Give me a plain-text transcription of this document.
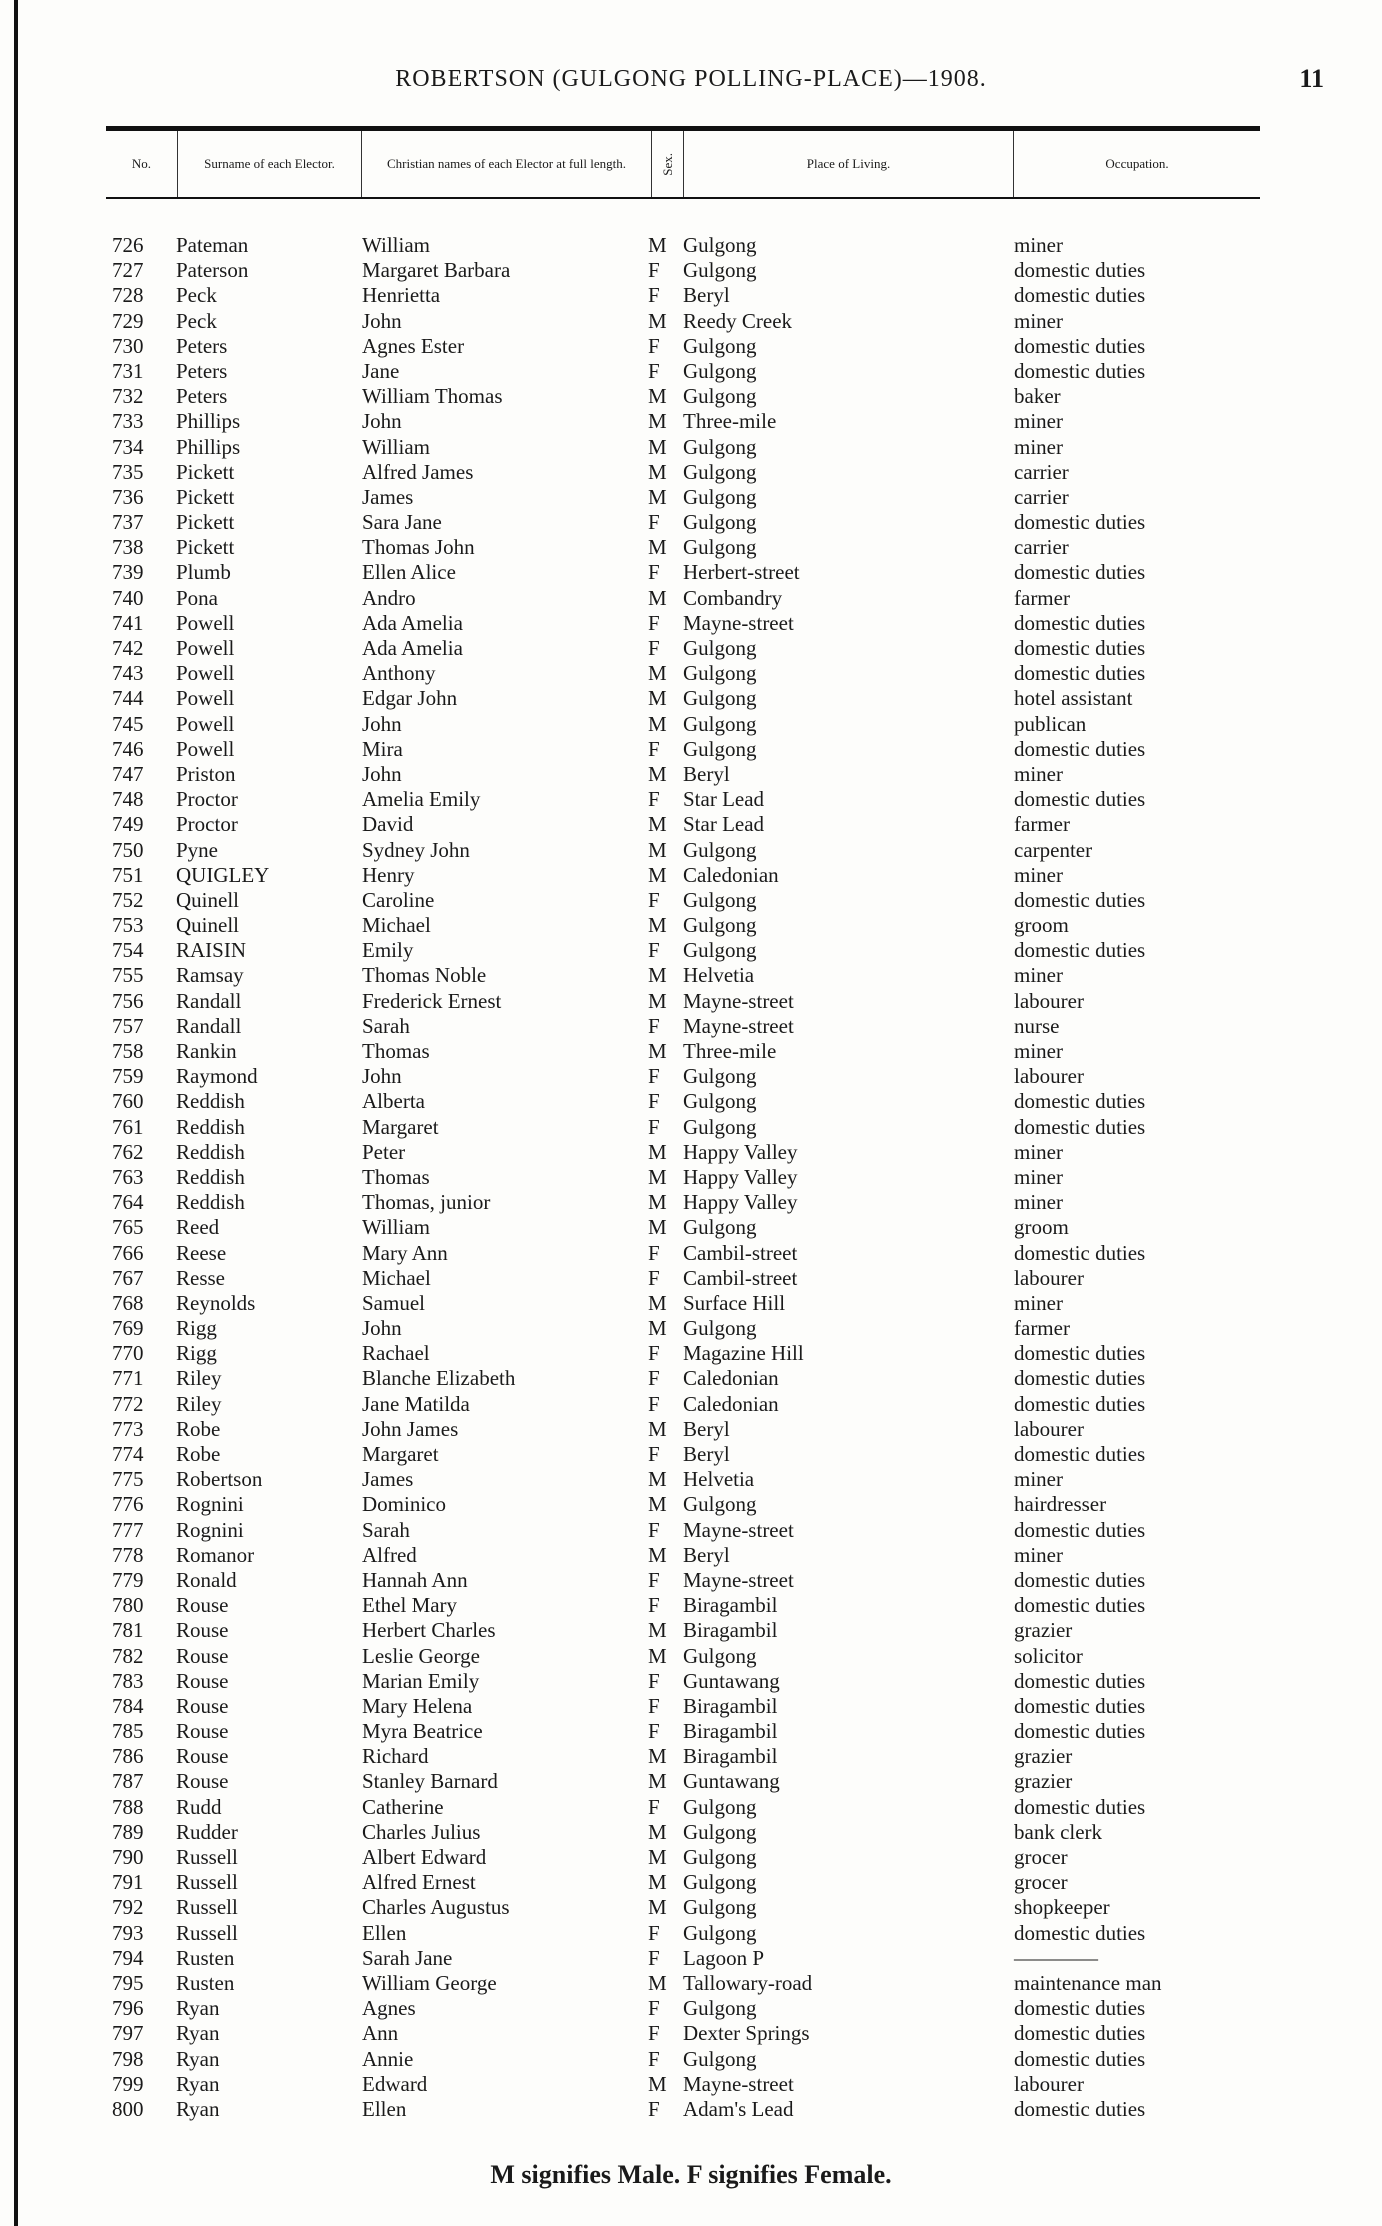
ROBERTSON (GULGONG POLLING-PLACE)—1908.	11
No.	Surname of each Elector.	Christian names of each Elector at full length.	Sex.	Place of Living.	Occupation.
726 Pateman	William	M Gulgong	miner
727 Paterson	Margaret Barbara	F Gulgong	domestic duties
728 Peck	Henrietta	F Beryl	domestic duties
729 Peck	John	M Reedy Creek	miner
730 Peters	Agnes Ester	F Gulgong	domestic duties
731 Peters	Jane	F Gulgong	domestic duties
732 Peters	William Thomas	M Gulgong	baker
733 Phillips	John	M Three-mile	miner
734 Phillips	William	M Gulgong	miner
735 Pickett	Alfred James	M Gulgong	carrier
736 Pickett	James	M Gulgong	carrier
737 Pickett	Sara Jane	F Gulgong	domestic duties
738 Pickett	Thomas John	M Gulgong	carrier
739 Plumb	Ellen Alice	F Herbert-street	domestic duties
740 Pona	Andro	M Combandry	farmer
741 Powell	Ada Amelia	F Mayne-street	domestic duties
742 Powell	Ada Amelia	F Gulgong	domestic duties
743 Powell	Anthony	M Gulgong	domestic duties
744 Powell	Edgar John	M Gulgong	hotel assistant
745 Powell	John	M Gulgong	publican
746 Powell	Mira	F Gulgong	domestic duties
747 Priston	John	M Beryl	miner
748 Proctor	Amelia Emily	F Star Lead	domestic duties
749 Proctor	David	M Star Lead	farmer
750 Pyne	Sydney John	M Gulgong	carpenter
751 QUIGLEY	Henry	M Caledonian	miner
752 Quinell	Caroline	F Gulgong	domestic duties
753 Quinell	Michael	M Gulgong	groom
754 RAISIN	Emily	F Gulgong	domestic duties
755 Ramsay	Thomas Noble	M Helvetia	miner
756 Randall	Frederick Ernest	M Mayne-street	labourer
757 Randall	Sarah	F Mayne-street	nurse
758 Rankin	Thomas	M Three-mile	miner
759 Raymond	John	F Gulgong	labourer
760 Reddish	Alberta	F Gulgong	domestic duties
761 Reddish	Margaret	F Gulgong	domestic duties
762 Reddish	Peter	M Happy Valley	miner
763 Reddish	Thomas	M Happy Valley	miner
764 Reddish	Thomas, junior	M Happy Valley	miner
765 Reed	William	M Gulgong	groom
766 Reese	Mary Ann	F Cambil-street	domestic duties
767 Resse	Michael	F Cambil-street	labourer
768 Reynolds	Samuel	M Surface Hill	miner
769 Rigg	John	M Gulgong	farmer
770 Rigg	Rachael	F Magazine Hill	domestic duties
771 Riley	Blanche Elizabeth	F Caledonian	domestic duties
772 Riley	Jane Matilda	F Caledonian	domestic duties
773 Robe	John James	M Beryl	labourer
774 Robe	Margaret	F Beryl	domestic duties
775 Robertson	James	M Helvetia	miner
776 Rognini	Dominico	M Gulgong	hairdresser
777 Rognini	Sarah	F Mayne-street	domestic duties
778 Romanor	Alfred	M Beryl	miner
779 Ronald	Hannah Ann	F Mayne-street	domestic duties
780 Rouse	Ethel Mary	F Biragambil	domestic duties
781 Rouse	Herbert Charles	M Biragambil	grazier
782 Rouse	Leslie George	M Gulgong	solicitor
783 Rouse	Marian Emily	F Guntawang	domestic duties
784 Rouse	Mary Helena	F Biragambil	domestic duties
785 Rouse	Myra Beatrice	F Biragambil	domestic duties
786 Rouse	Richard	M Biragambil	grazier
787 Rouse	Stanley Barnard	M Guntawang	grazier
788 Rudd	Catherine	F Gulgong	domestic duties
789 Rudder	Charles Julius	M Gulgong	bank clerk
790 Russell	Albert Edward	M Gulgong	grocer
791 Russell	Alfred Ernest	M Gulgong	grocer
792 Russell	Charles Augustus	M Gulgong	shopkeeper
793 Russell	Ellen	F Gulgong	domestic duties
794 Rusten	Sarah Jane	F Lagoon P	————
795 Rusten	William George	M Tallowary-road	maintenance man
796 Ryan	Agnes	F Gulgong	domestic duties
797 Ryan	Ann	F Dexter Springs	domestic duties
798 Ryan	Annie	F Gulgong	domestic duties
799 Ryan	Edward	M Mayne-street	labourer
800 Ryan	Ellen	F Adam's Lead	domestic duties
M signifies Male. F signifies Female.
